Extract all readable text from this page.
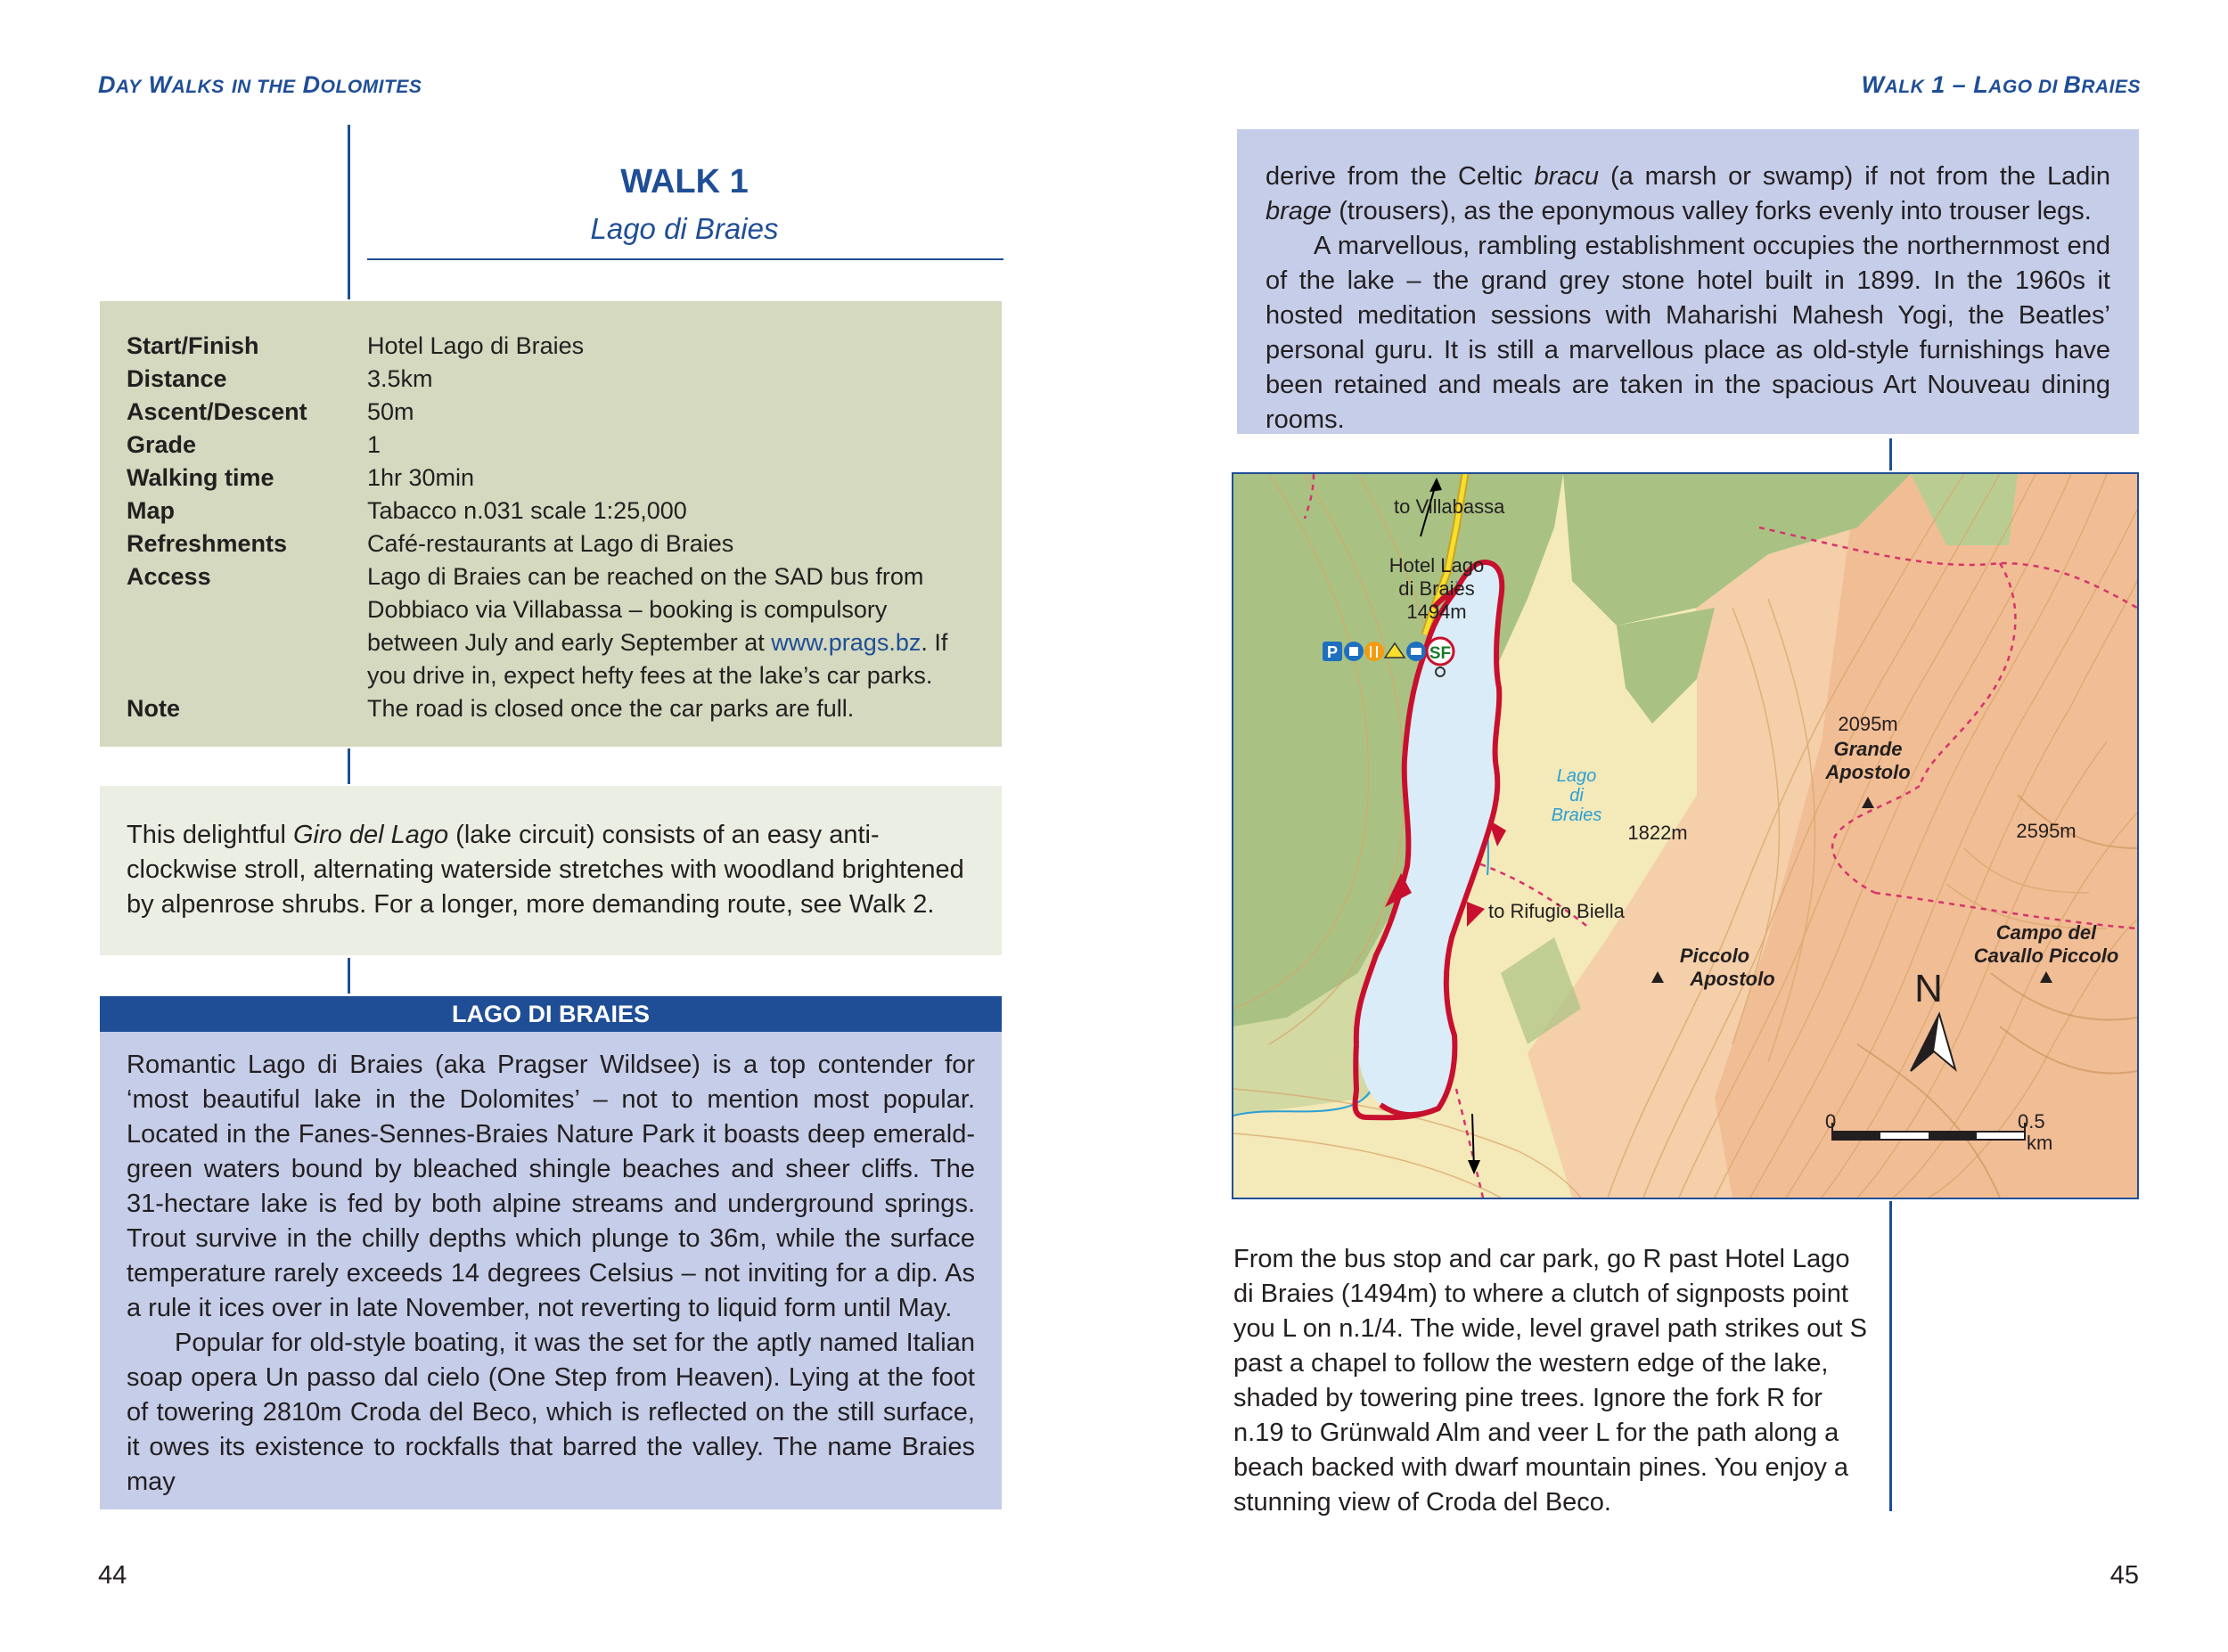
DAY WALKS IN THE DOLOMITES
WALK 1
Lago di Braies
Start/Finish	Hotel Lago di Braies
Distance	3.5km
Ascent/Descent	50m
Grade	1
Walking time	1hr 30min
Map	Tabacco n.031 scale 1:25,000
Refreshments	Café-restaurants at Lago di Braies
Access	Lago di Braies can be reached on the SAD bus from Dobbiaco via Villabassa – booking is compulsory between July and early September at www.prags.bz. If you drive in, expect hefty fees at the lake’s car parks.
Note	The road is closed once the car parks are full.
This delightful Giro del Lago (lake circuit) consists of an easy anti-clockwise stroll, alternating waterside stretches with woodland brightened by alpenrose shrubs. For a longer, more demanding route, see Walk 2.
LAGO DI BRAIES

Romantic Lago di Braies (aka Pragser Wildsee) is a top contender for ‘most beautiful lake in the Dolomites’ – not to mention most popular. Located in the Fanes-Sennes-Braies Nature Park it boasts deep emerald-green waters bound by bleached shingle beaches and sheer cliffs. The 31-hectare lake is fed by both alpine streams and underground springs. Trout survive in the chilly depths which plunge to 36m, while the surface temperature rarely exceeds 14 degrees Celsius – not inviting for a dip. As a rule it ices over in late November, not reverting to liquid form until May.

Popular for old-style boating, it was the set for the aptly named Italian soap opera Un passo dal cielo (One Step from Heaven). Lying at the foot of towering 2810m Croda del Beco, which is reflected on the still surface, it owes its existence to rockfalls that barred the valley. The name Braies may

44
WALK 1 – LAGO DI BRAIES

derive from the Celtic bracu (a marsh or swamp) if not from the Ladin brage (trousers), as the eponymous valley forks evenly into trouser legs.

A marvellous, rambling establishment occupies the northernmost end of the lake – the grand grey stone hotel built in 1899. In the 1960s it hosted meditation sessions with Maharishi Mahesh Yogi, the Beatles’ personal guru. It is still a marvellous place as old-style furnishings have been retained and meals are taken in the spacious Art Nouveau dining rooms.

P	SF
to Villabassa
Hotel Lago
di Braies
1494m
2095m
1822m	2595m
to Rifugio Biella
Lago
di
Braies
Grande
Apostolo
Piccolo
Apostolo
Campo del
Cavallo Piccolo
N
0	0.5
km
From the bus stop and car park, go R past Hotel Lago di Braies (1494m) to where a clutch of signposts point you L on n.1/4. The wide, level gravel path strikes out S past a chapel to follow the western edge of the lake, shaded by towering pine trees. Ignore the fork R for n.19 to Grünwald Alm and veer L for the path along a beach backed with dwarf mountain pines. You enjoy a stunning view of Croda del Beco.
45
